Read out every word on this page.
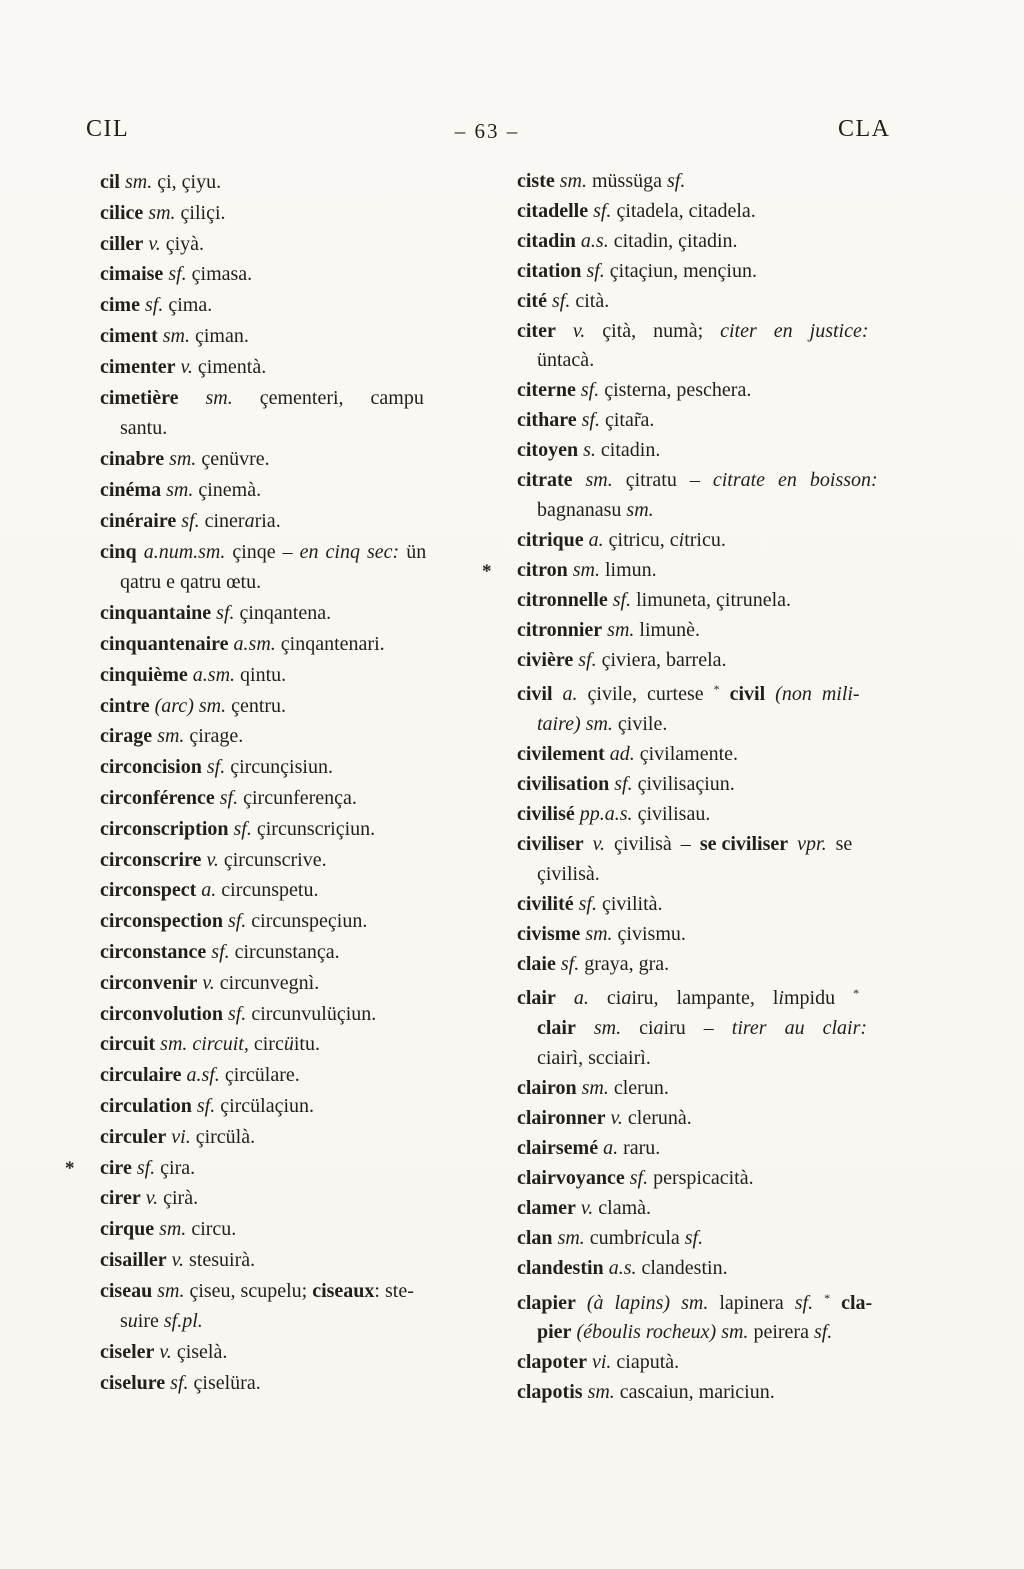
CIL	– 63 –	CLA
cil sm. çi, çiyu.
cilice sm. çiliçi.
ciller v. çiyà.
cimaise sf. çimasa.
cime sf. çima.
ciment sm. çiman.
cimenter v. çimentà.
cimetière sm. çementeri, campu
santu.
cinabre sm. çenüvre.
cinéma sm. çinemà.
cinéraire sf. cineraria.
cinq a.num.sm. çinqe – en cinq sec: ün
qatru e qatru œtu.
cinquantaine sf. çinqantena.
cinquantenaire a.sm. çinqantenari.
cinquième a.sm. qintu.
cintre (arc) sm. çentru.
cirage sm. çirage.
circoncision sf. çircunçisiun.
circonférence sf. çircunferença.
circonscription sf. çircunscriçiun.
circonscrire v. çircunscrive.
circonspect a. circunspetu.
circonspection sf. circunspeçiun.
circonstance sf. circunstança.
circonvenir v. circunvegnì.
circonvolution sf. circunvulüçiun.
circuit sm. circuit, circüitu.
circulaire a.sf. çircülare.
circulation sf. çircülaçiun.
circuler vi. çircülà.
*	cire sf. çira.
cirer v. çirà.
cirque sm. circu.
cisailler v. stesuirà.
ciseau sm. çiseu, scupelu; ciseaux: ste-
suire sf.pl.
ciseler v. çiselà.
ciselure sf. çiselüra.
ciste sm. müssüga sf.
citadelle sf. çitadela, citadela.
citadin a.s. citadin, çitadin.
citation sf. çitaçiun, mençiun.
cité sf. cità.
citer v. çità, numà; citer en justice:
üntacà.
citerne sf. çisterna, peschera.
cithare sf. çitar̃a.
citoyen s. citadin.
citrate sm. çitratu – citrate en boisson:
bagnanasu sm.
citrique a. çitricu, citricu.
*	citron sm. limun.
citronnelle sf. limuneta, çitrunela.
citronnier sm. limunè.
civière sf. çiviera, barrela.
civil a. çivile, curtese * civil (non mili-
taire) sm. çivile.
civilement ad. çivilamente.
civilisation sf. çivilisaçiun.
civilisé pp.a.s. çivilisau.
civiliser v. çivilisà – se civiliser vpr. se
çivilisà.
civilité sf. çivilità.
civisme sm. çivismu.
claie sf. graya, gra.
clair a. ciairu, lampante, limpidu *
clair sm. ciairu – tirer au clair:
ciairì, scciairì.
clairon sm. clerun.
claironner v. clerunà.
clairsemé a. raru.
clairvoyance sf. perspicacità.
clamer v. clamà.
clan sm. cumbricula sf.
clandestin a.s. clandestin.
clapier (à lapins) sm. lapinera sf. * cla-
pier (éboulis rocheux) sm. peirera sf.
clapoter vi. ciaputà.
clapotis sm. cascaiun, mariciun.
